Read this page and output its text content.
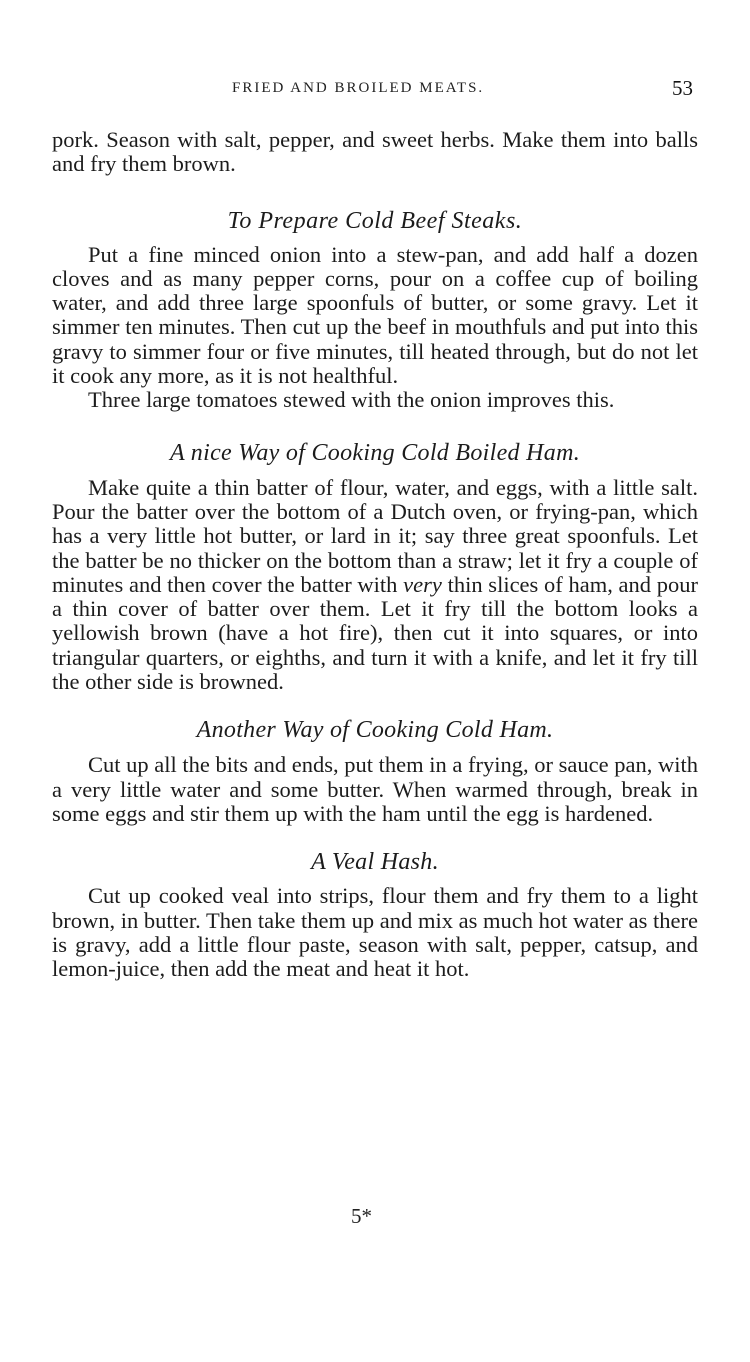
FRIED AND BROILED MEATS.	53

pork. Season with salt, pepper, and sweet herbs. Make them into balls and fry them brown.

To Prepare Cold Beef Steaks.

Put a fine minced onion into a stew-pan, and add half a dozen cloves and as many pepper corns, pour on a coffee cup of boiling water, and add three large spoonfuls of butter, or some gravy. Let it simmer ten minutes. Then cut up the beef in mouthfuls and put into this gravy to simmer four or five minutes, till heated through, but do not let it cook any more, as it is not healthful.

Three large tomatoes stewed with the onion improves this.

A nice Way of Cooking Cold Boiled Ham.

Make quite a thin batter of flour, water, and eggs, with a little salt. Pour the batter over the bottom of a Dutch oven, or frying-pan, which has a very little hot butter, or lard in it; say three great spoonfuls. Let the batter be no thicker on the bottom than a straw; let it fry a couple of minutes and then cover the batter with very thin slices of ham, and pour a thin cover of batter over them. Let it fry till the bottom looks a yellowish brown (have a hot fire), then cut it into squares, or into triangular quarters, or eighths, and turn it with a knife, and let it fry till the other side is browned.

Another Way of Cooking Cold Ham.

Cut up all the bits and ends, put them in a frying, or sauce pan, with a very little water and some butter. When warmed through, break in some eggs and stir them up with the ham until the egg is hardened.

A Veal Hash.

Cut up cooked veal into strips, flour them and fry them to a light brown, in butter. Then take them up and mix as much hot water as there is gravy, add a little flour paste, season with salt, pepper, catsup, and lemon-juice, then add the meat and heat it hot.

5*
